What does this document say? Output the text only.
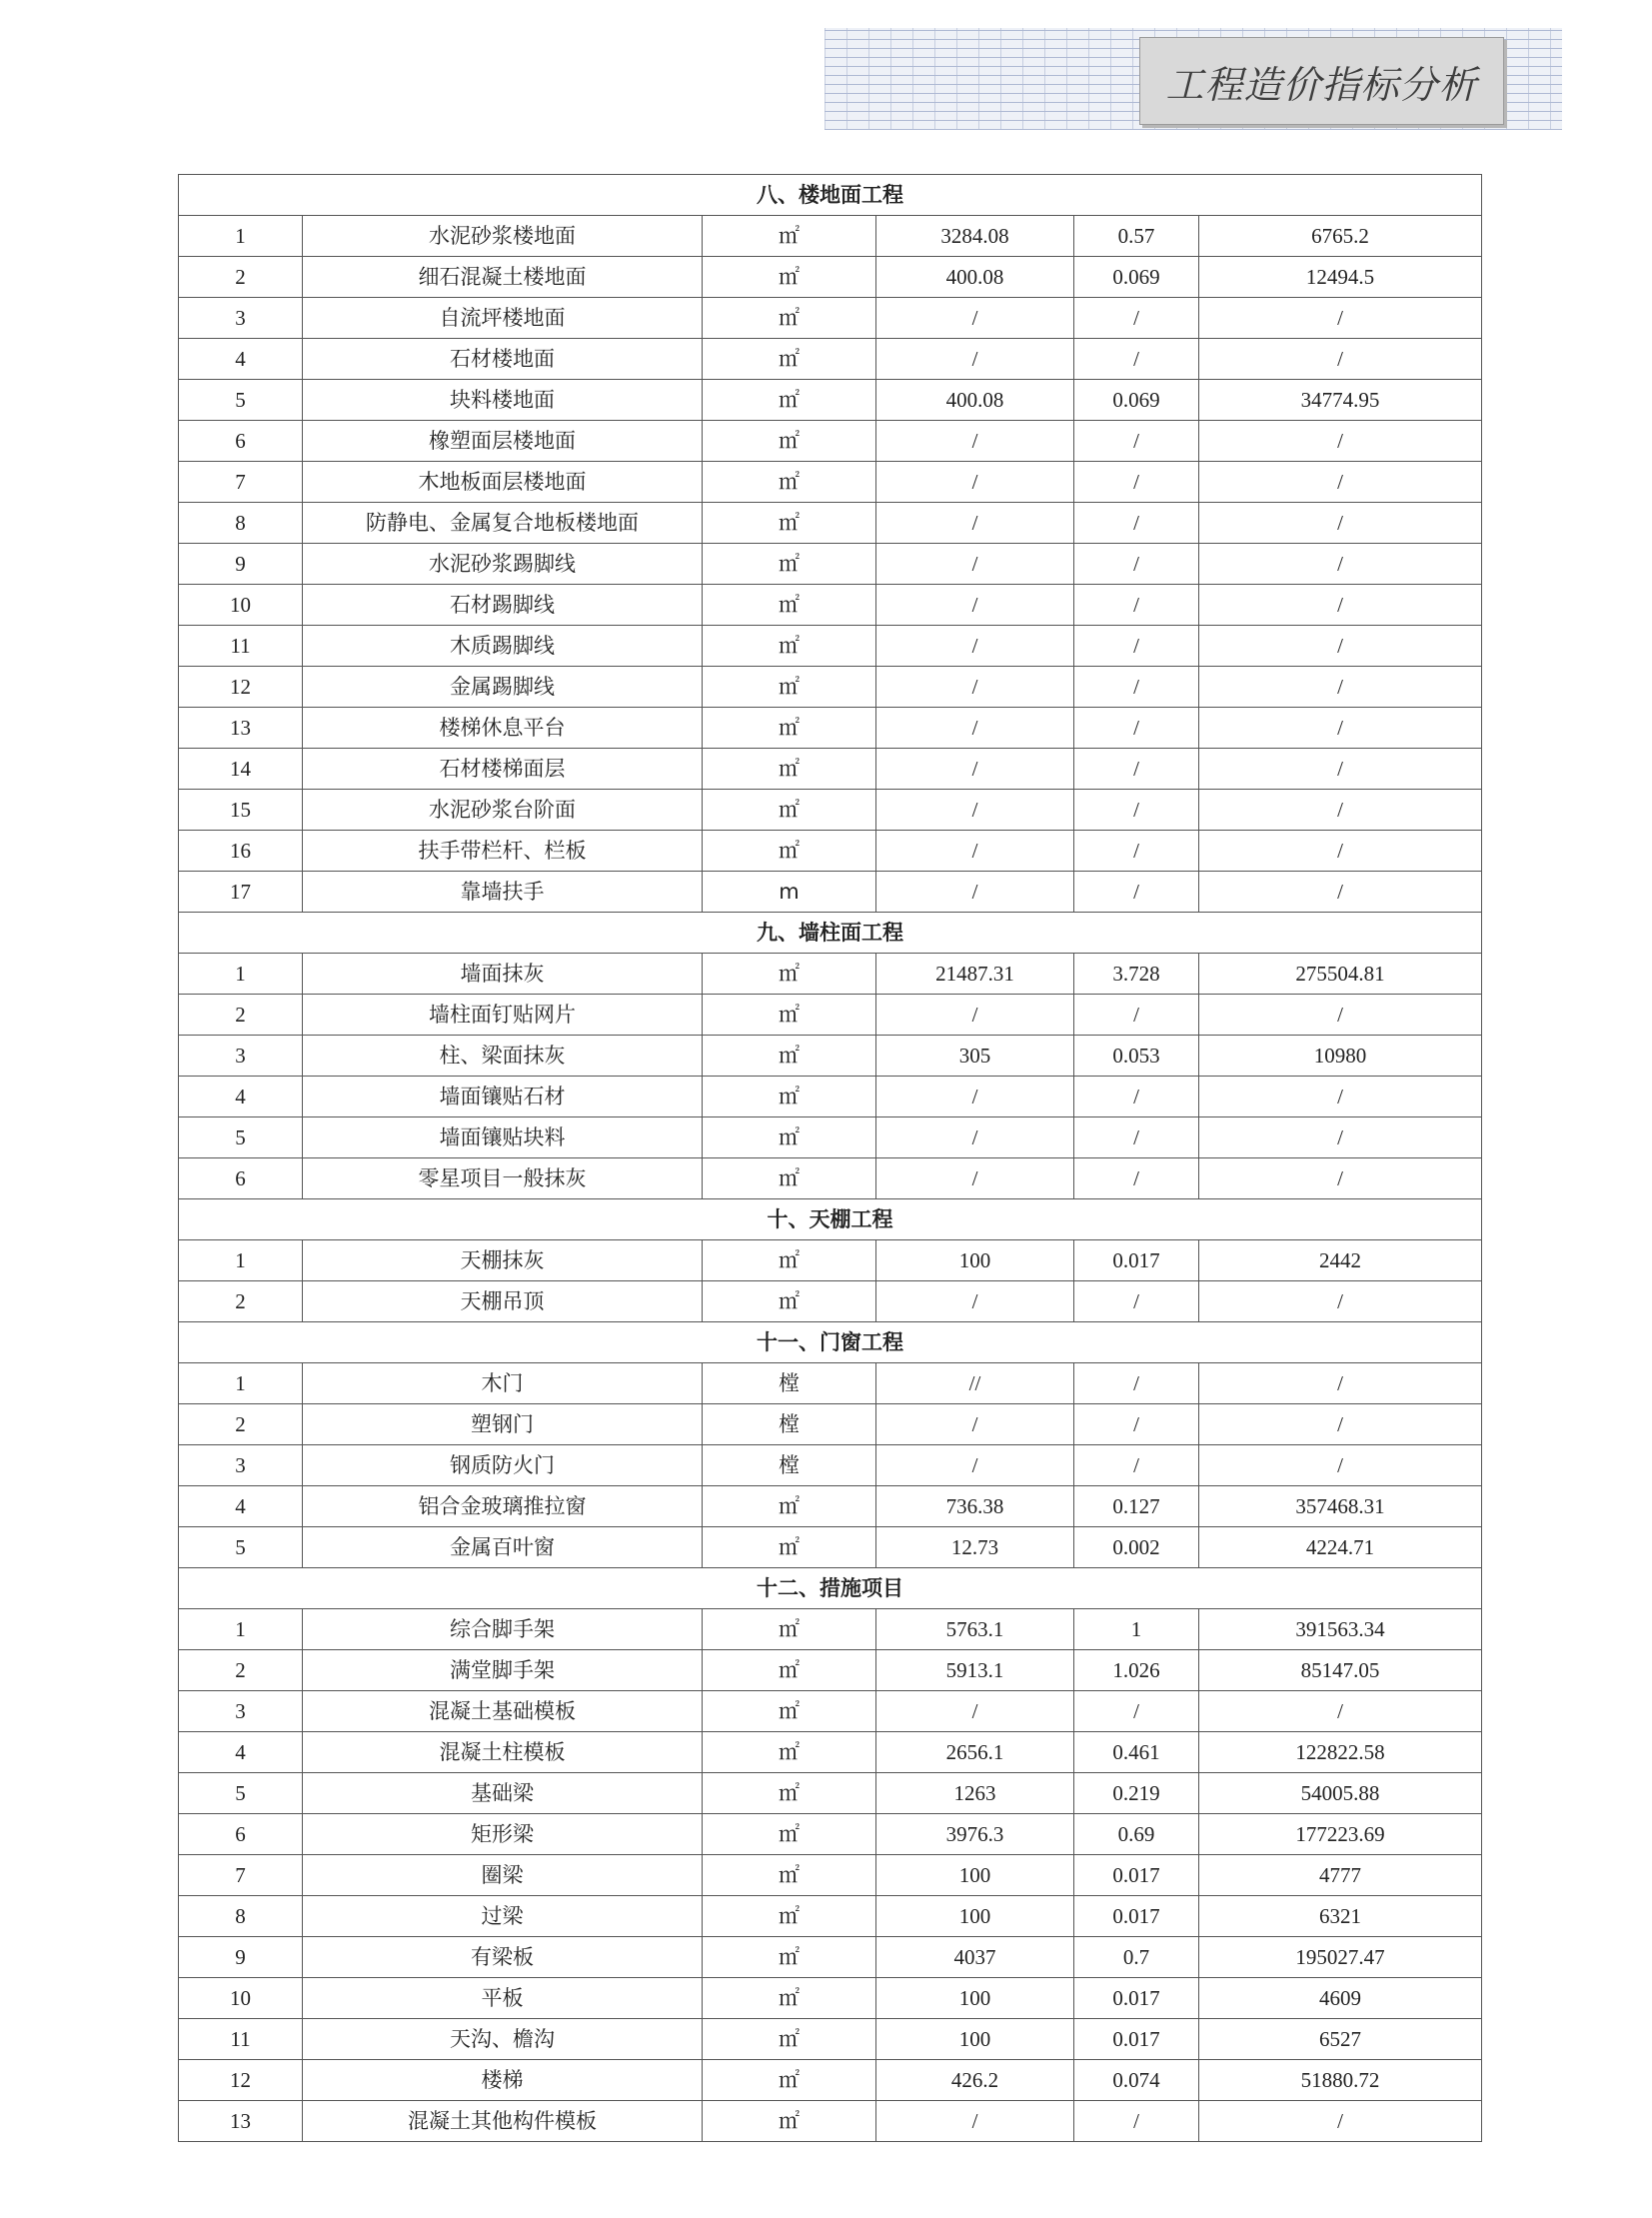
工程造价指标分析
八、楼地面工程					
1	水泥砂浆楼地面	㎡	3284.08	0.57	6765.2
2	细石混凝土楼地面	㎡	400.08	0.069	12494.5
3	自流坪楼地面	㎡	/	/	/
4	石材楼地面	㎡	/	/	/
5	块料楼地面	㎡	400.08	0.069	34774.95
6	橡塑面层楼地面	㎡	/	/	/
7	木地板面层楼地面	㎡	/	/	/
8	防静电、金属复合地板楼地面	㎡	/	/	/
9	水泥砂浆踢脚线	㎡	/	/	/
10	石材踢脚线	㎡	/	/	/
11	木质踢脚线	㎡	/	/	/
12	金属踢脚线	㎡	/	/	/
13	楼梯休息平台	㎡	/	/	/
14	石材楼梯面层	㎡	/	/	/
15	水泥砂浆台阶面	㎡	/	/	/
16	扶手带栏杆、栏板	㎡	/	/	/
17	靠墙扶手	m	/	/	/
九、墙柱面工程					
1	墙面抹灰	㎡	21487.31	3.728	275504.81
2	墙柱面钉贴网片	㎡	/	/	/
3	柱、梁面抹灰	㎡	305	0.053	10980
4	墙面镶贴石材	㎡	/	/	/
5	墙面镶贴块料	㎡	/	/	/
6	零星项目一般抹灰	㎡	/	/	/
十、天棚工程					
1	天棚抹灰	㎡	100	0.017	2442
2	天棚吊顶	㎡	/	/	/
十一、门窗工程					
1	木门	樘	//	/	/
2	塑钢门	樘	/	/	/
3	钢质防火门	樘	/	/	/
4	铝合金玻璃推拉窗	㎡	736.38	0.127	357468.31
5	金属百叶窗	㎡	12.73	0.002	4224.71
十二、措施项目					
1	综合脚手架	㎡	5763.1	1	391563.34
2	满堂脚手架	㎡	5913.1	1.026	85147.05
3	混凝土基础模板	㎡	/	/	/
4	混凝土柱模板	㎡	2656.1	0.461	122822.58
5	基础梁	㎡	1263	0.219	54005.88
6	矩形梁	㎡	3976.3	0.69	177223.69
7	圈梁	㎡	100	0.017	4777
8	过梁	㎡	100	0.017	6321
9	有梁板	㎡	4037	0.7	195027.47
10	平板	㎡	100	0.017	4609
11	天沟、檐沟	㎡	100	0.017	6527
12	楼梯	㎡	426.2	0.074	51880.72
13	混凝土其他构件模板	㎡	/	/	/
